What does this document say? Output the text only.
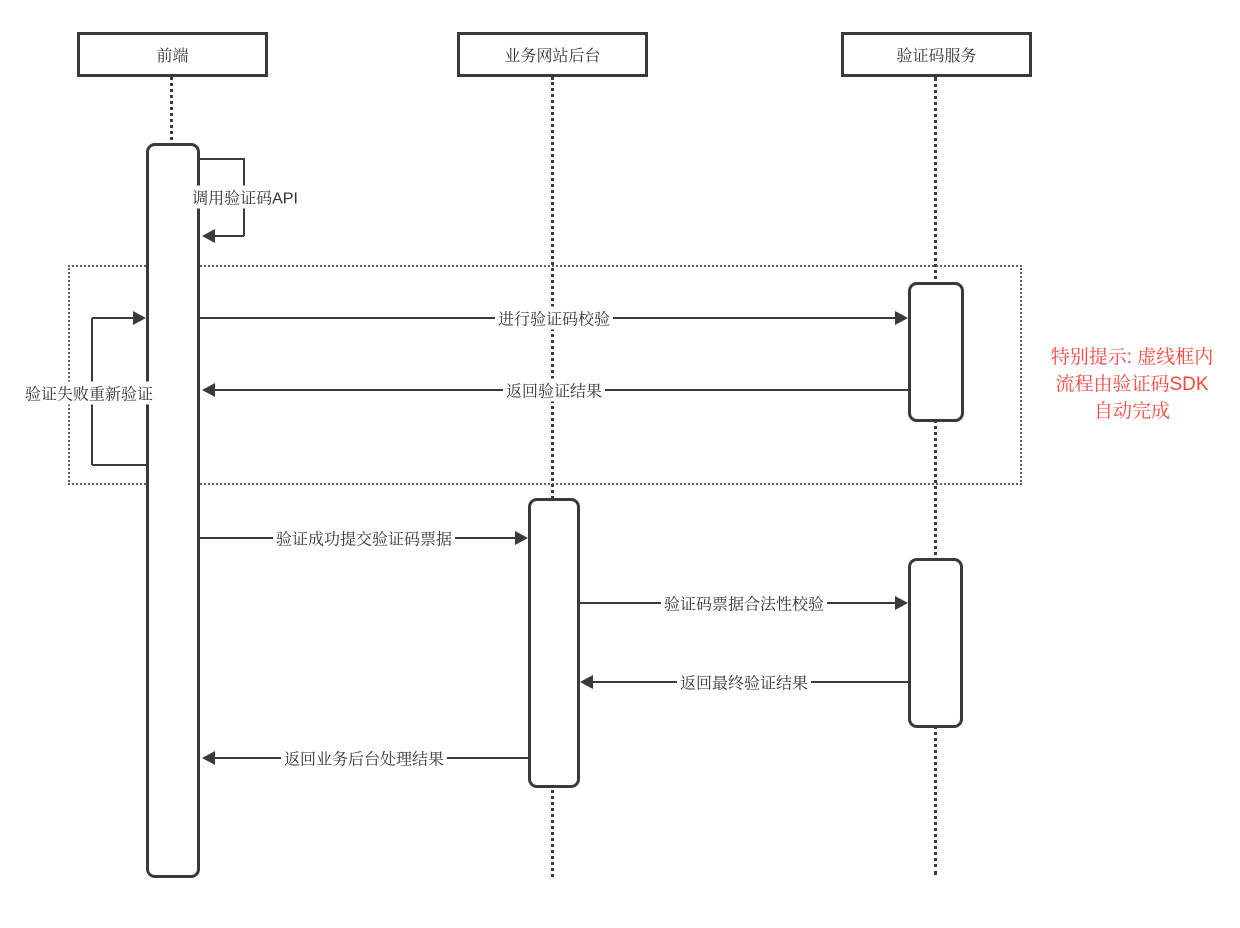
调用验证码API
验证失败重新验证
进行验证码校验
返回验证结果
验证成功提交验证码票据
验证码票据合法性校验
返回最终验证结果
返回业务后台处理结果
特别提示: 虚线框内
流程由验证码SDK
自动完成
前端	业务网站后台	验证码服务
